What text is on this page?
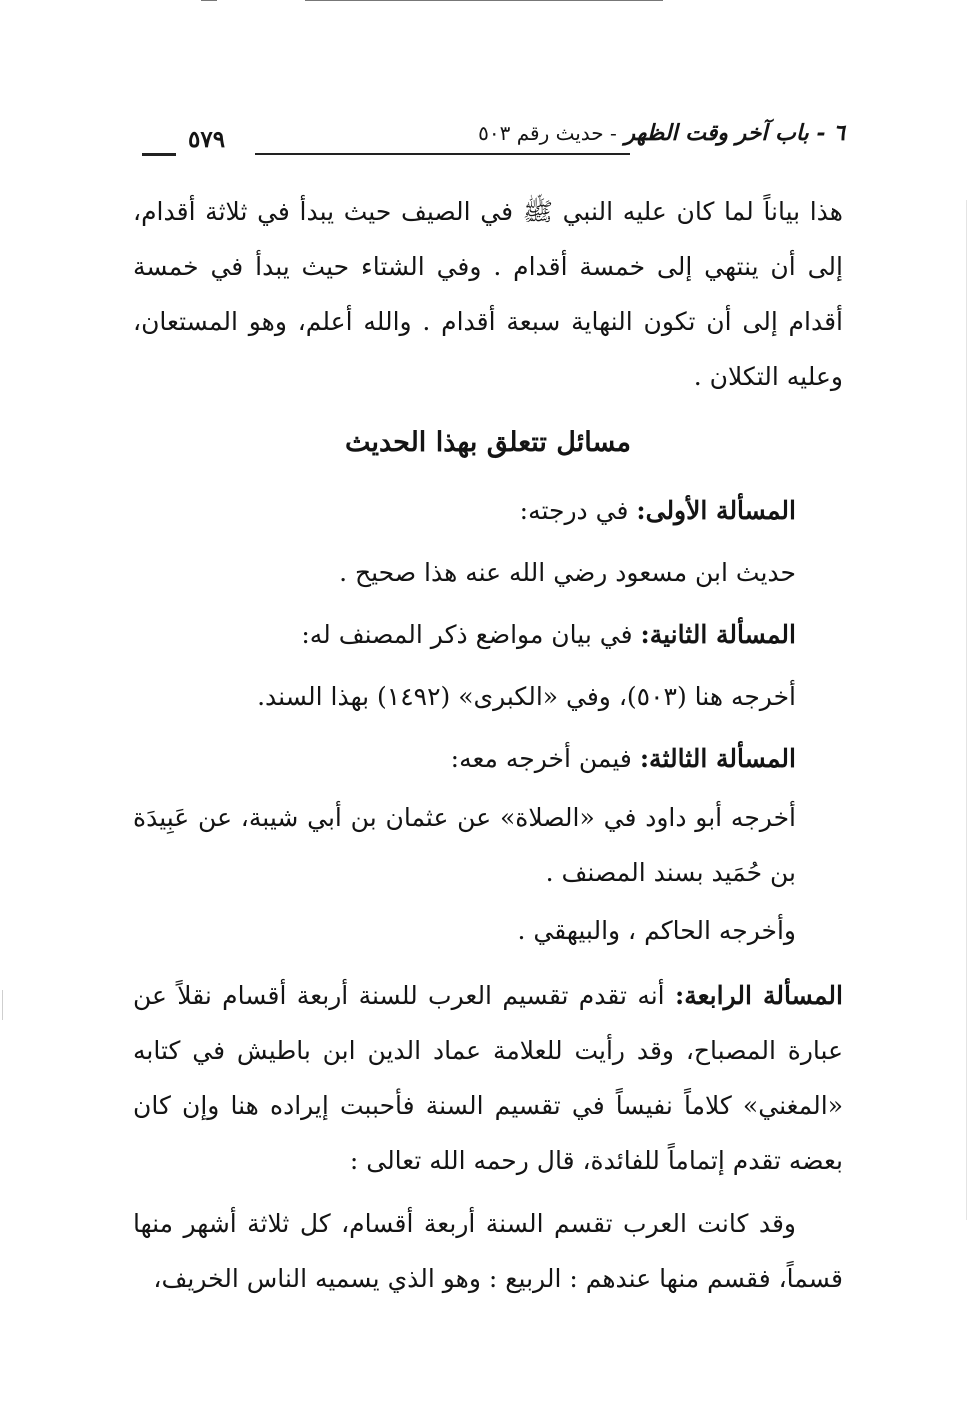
٦ - باب آخر وقت الظهر - حديث رقم ٥٠٣
٥٧٩

هذا بياناً لما كان عليه النبي ﷺ في الصيف حيث يبدأ في ثلاثة أقدام، إلى أن ينتهي إلى خمسة أقدام . وفي الشتاء حيث يبدأ في خمسة أقدام إلى أن تكون النهاية سبعة أقدام . والله أعلم، وهو المستعان، وعليه التكلان .

مسائل تتعلق بهذا الحديث

المسألة الأولى: في درجته:

حديث ابن مسعود رضي الله عنه هذا صحيح .

المسألة الثانية: في بيان مواضع ذكر المصنف له:

أخرجه هنا (٥٠٣)، وفي «الكبرى» (١٤٩٢) بهذا السند.

المسألة الثالثة: فيمن أخرجه معه:

أخرجه أبو داود في «الصلاة» عن عثمان بن أبي شيبة، عن عَبِيدَة بن حُمَيد بسند المصنف .

وأخرجه الحاكم ، والبيهقي .

المسألة الرابعة: أنه تقدم تقسيم العرب للسنة أربعة أقسام نقلاً عن عبارة المصباح، وقد رأيت للعلامة عماد الدين ابن باطيش في كتابه «المغني» كلاماً نفيساً في تقسيم السنة فأحببت إيراده هنا وإن كان بعضه تقدم إتماماً للفائدة، قال رحمه الله تعالى :

وقد كانت العرب تقسم السنة أربعة أقسام، كل ثلاثة أشهر منها قسماً، فقسم منها عندهم : الربيع : وهو الذي يسميه الناس الخريف،
